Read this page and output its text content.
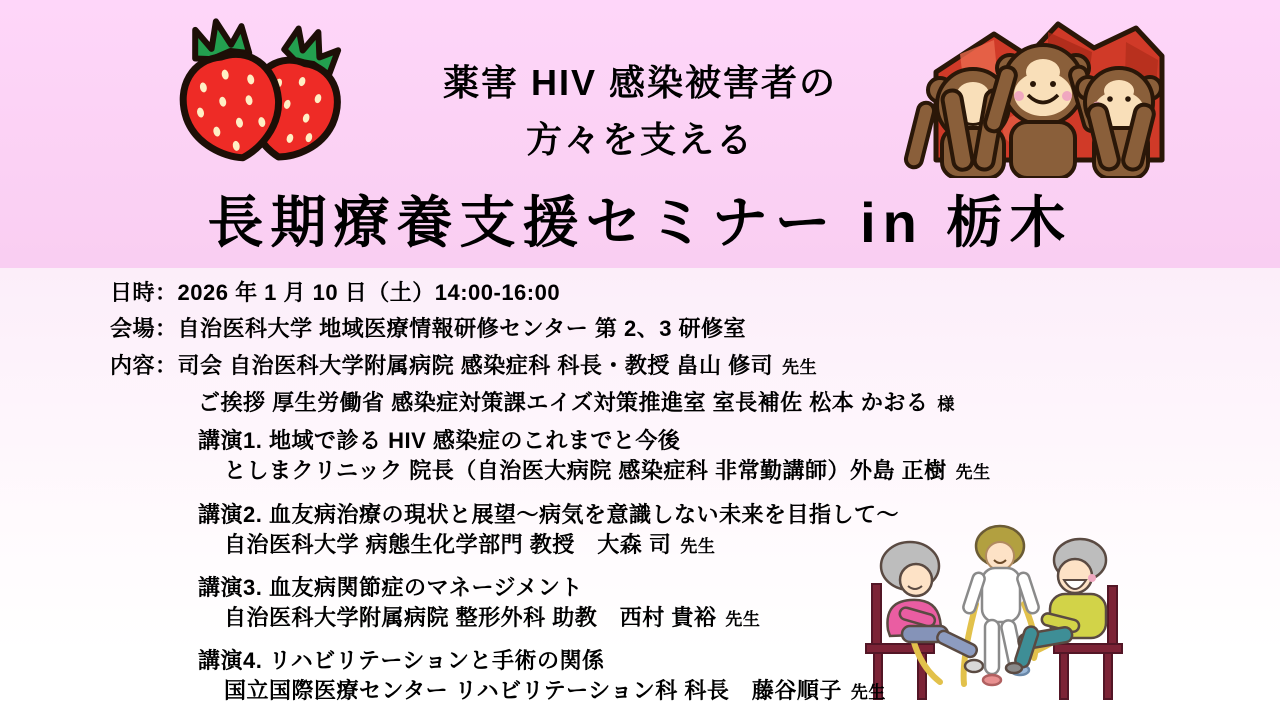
薬害 HIV 感染被害者の
方々を支える
長期療養支援セミナー in 栃木
日時：2026 年 1 月 10 日（土）14:00-16:00
会場：自治医科大学 地域医療情報研修センター 第 2、3 研修室
内容：司会 自治医科大学附属病院 感染症科 科長・教授 畠山 修司 先生
ご挨拶 厚生労働省 感染症対策課エイズ対策推進室 室長補佐 松本 かおる 様
講演1. 地域で診る HIV 感染症のこれまでと今後
としまクリニック 院長（自治医大病院 感染症科 非常勤講師）外島 正樹 先生
講演2. 血友病治療の現状と展望～病気を意識しない未来を目指して～
自治医科大学 病態生化学部門 教授　大森 司 先生
講演3. 血友病関節症のマネージメント
自治医科大学附属病院 整形外科 助教　西村 貴裕 先生
講演4. リハビリテーションと手術の関係
国立国際医療センター リハビリテーション科 科長　藤谷順子 先生
